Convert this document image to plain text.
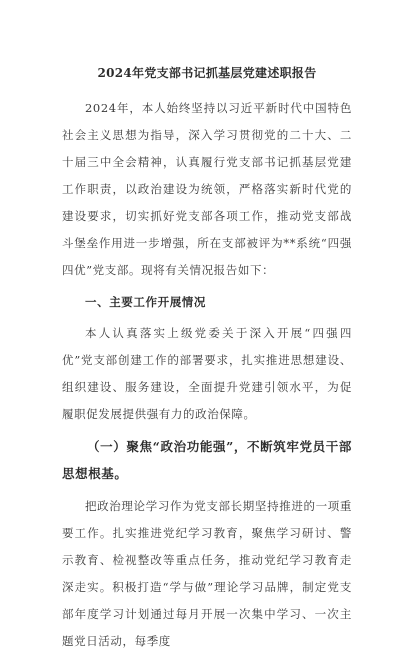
2024年党支部书记抓基层党建述职报告

2024年，本人始终坚持以习近平新时代中国特色社会主义思想为指导，深入学习贯彻党的二十大、二十届三中全会精神，认真履行党支部书记抓基层党建工作职责，以政治建设为统领，严格落实新时代党的建设要求，切实抓好党支部各项工作，推动党支部战斗堡垒作用进一步增强，所在支部被评为**系统“四强四优”党支部。现将有关情况报告如下：

一、主要工作开展情况

本人认真落实上级党委关于深入开展“四强四优”党支部创建工作的部署要求，扎实推进思想建设、组织建设、服务建设，全面提升党建引领水平，为促履职促发展提供强有力的政治保障。

（一）聚焦“政治功能强”，不断筑牢党员干部思想根基。

把政治理论学习作为党支部长期坚持推进的一项重要工作。扎实推进党纪学习教育，聚焦学习研讨、警示教育、检视整改等重点任务，推动党纪学习教育走深走实。积极打造“学与做”理论学习品牌，制定党支部年度学习计划通过每月开展一次集中学习、一次主题党日活动，每季度
